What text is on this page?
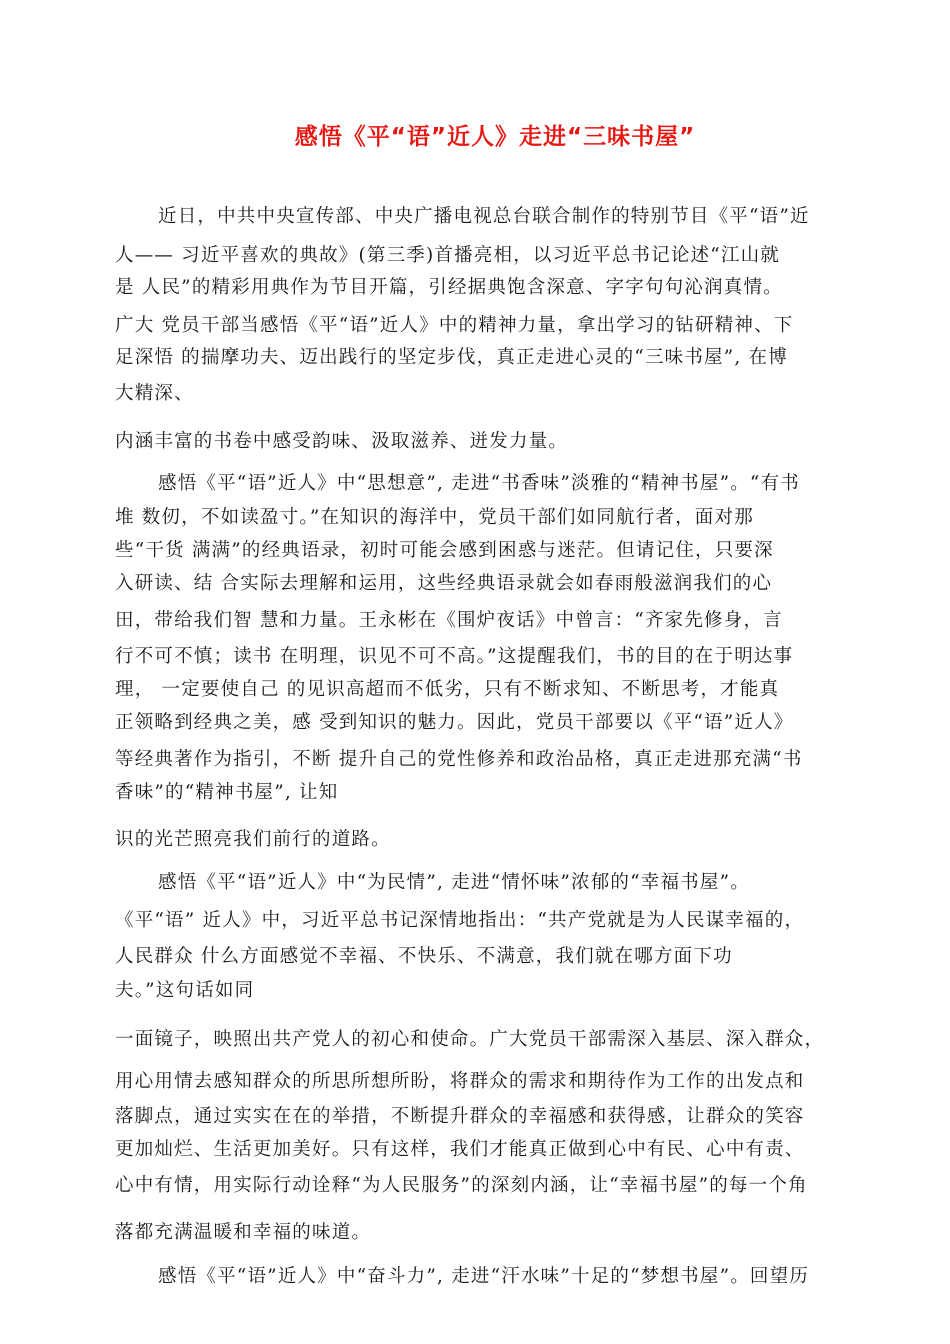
感悟《平“语”近人》走进“三味书屋”
近日，中共中央宣传部、中央广播电视总台联合制作的特别节目《平“语”近
人—— 习近平喜欢的典故》(第三季)首播亮相，以习近平总书记论述“江山就
是 人民”的精彩用典作为节目开篇，引经据典饱含深意、字字句句沁润真情。
广大 党员干部当感悟《平“语”近人》中的精神力量，拿出学习的钻研精神、下
足深悟 的揣摩功夫、迈出践行的坚定步伐，真正走进心灵的“三味书屋”, 在博
大精深、
内涵丰富的书卷中感受韵味、汲取滋养、迸发力量。
感悟《平“语”近人》中“思想意”, 走进“书香味”淡雅的“精神书屋”。“有书
堆 数仞，不如读盈寸。”在知识的海洋中，党员干部们如同航行者，面对那
些“干货 满满”的经典语录，初时可能会感到困惑与迷茫。但请记住，只要深
入研读、结 合实际去理解和运用，这些经典语录就会如春雨般滋润我们的心
田，带给我们智 慧和力量。王永彬在《围炉夜话》中曾言：“齐家先修身，言
行不可不慎；读书 在明理，识见不可不高。”这提醒我们，书的目的在于明达事
理， 一定要使自己 的见识高超而不低劣，只有不断求知、不断思考，才能真
正领略到经典之美，感 受到知识的魅力。因此，党员干部要以《平“语”近人》
等经典著作为指引，不断 提升自己的党性修养和政治品格，真正走进那充满“书
香味”的“精神书屋”, 让知
识的光芒照亮我们前行的道路。
感悟《平“语”近人》中“为民情”, 走进“情怀味”浓郁的“幸福书屋”。
《平“语” 近人》中，习近平总书记深情地指出：“共产党就是为人民谋幸福的，
人民群众 什么方面感觉不幸福、不快乐、不满意，我们就在哪方面下功
夫。”这句话如同
一面镜子，映照出共产党人的初心和使命。广大党员干部需深入基层、深入群众，
用心用情去感知群众的所思所想所盼，将群众的需求和期待作为工作的出发点和
落脚点，通过实实在在的举措，不断提升群众的幸福感和获得感，让群众的笑容
更加灿烂、生活更加美好。只有这样，我们才能真正做到心中有民、心中有责、
心中有情，用实际行动诠释“为人民服务”的深刻内涵，让“幸福书屋”的每一个角
落都充满温暖和幸福的味道。
感悟《平“语”近人》中“奋斗力”, 走进“汗水味”十足的“梦想书屋”。回望历
